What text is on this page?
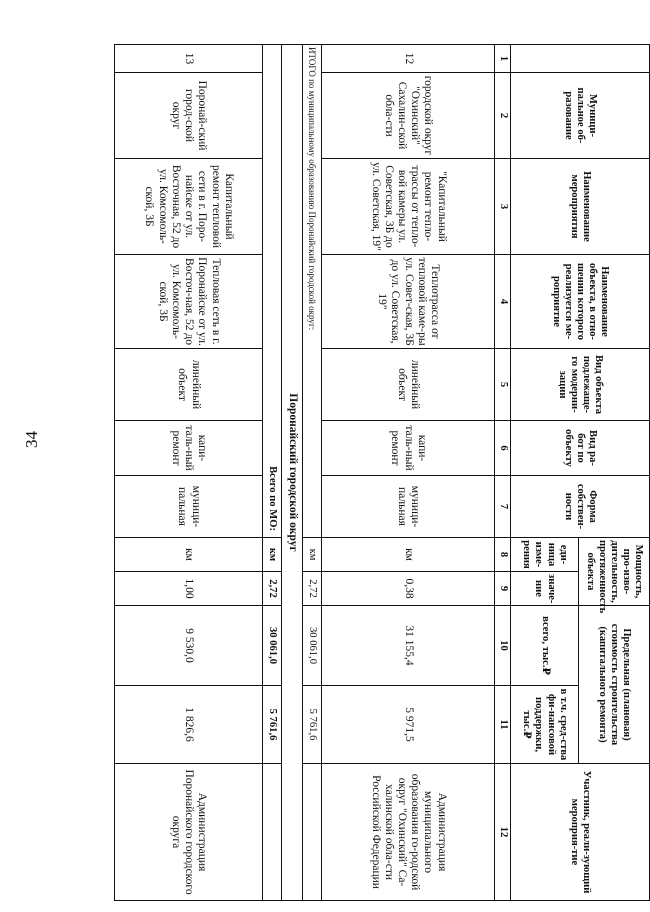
34
	Муници-пальное об-разование	Наименование мероприятия	Наименование объекта, в отно-шении которого реализуется ме-роприятие	Вид объекта подлежаще-го модерни-зации	Вид ра-бот по объекту	Форма собствен-ности	Мощность, про-изво-дительность, протяженность объекта		Предельная (плановая) стоимость строительства (капитального ремонта)		Участник, реали-зующий мероприя-тие
							еди-ница изме-рения	значе-ние	всего, тыс.₽	в т.ч. сред-ства фи-нансовой поддержки, тыс.₽	
1	2	3	4	5	6	7	8	9	10	11	12
12	городской округ "Охинский" Сахалин-ской обла-сти	"Капитальный ремонт тепло-трассы от тепло-вой камеры ул. Советская, 3Б до ул. Советская, 19"	Теплотрасса от тепловой каме-ры ул. Совет-ская, 3Б до ул. Советская, 19"	линейный объект	капи-таль-ный ремонт	муници-пальная	км	0,38	31 155,4	5 971,5	Администрация муниципального образования го-родской округ "Охинский" Са-халинской обла-сти Российской Федерации
ИТОГО по муниципальному образованию Поронайский городской округ:							км	2,72	30 061,0	5 761,6	
Поронайский городской округ											
Всего по МО:							км	2,72	30 061,0	5 761,6	
13	Поронай-ский город-ской округ	Капитальный ремонт тепловой сети в г. Поро-найске от ул. Восточная, 52 до ул. Комсомоль-ской, 3Б	Тепловая сеть в г. Поронайске от ул. Восточ-ная, 52 до ул. Комсомоль-ской, 3Б	линейный объект	капи-таль-ный ремонт	муници-пальная	км	1,00	9 530,0	1 826,6	Администрация Поронайского городского округа
